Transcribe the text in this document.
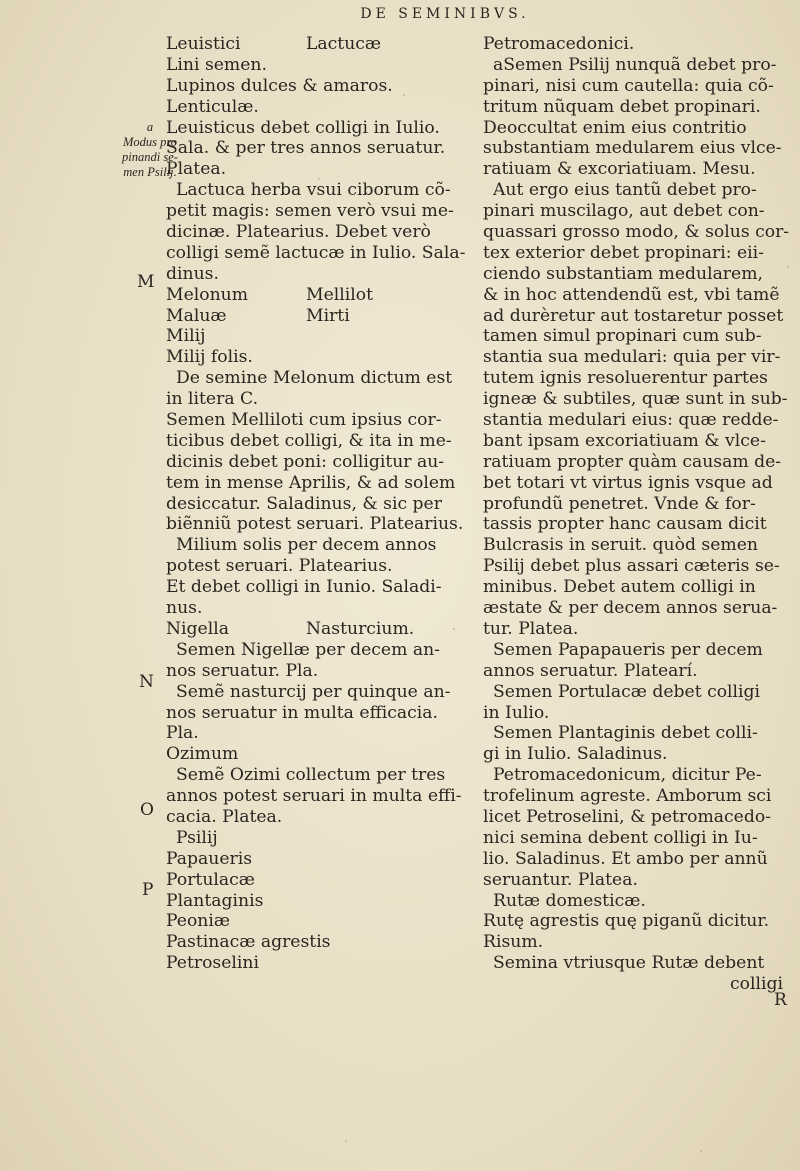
DE SEMINIBVS.
a
Modus pro
pinandi se-
men Psilij.
M
N
O
P
R
Leuistici	Lactucæ
Lini semen.
Lupinos dulces & amaros.
Lenticulæ.
Leuisticus debet colligi in Iulio.
Sala. & per tres annos seruatur.
Platea.
Lactuca herba vsui ciborum cõ-
petit magis: semen verò vsui me-
dicinæ. Platearius. Debet verò
colligi semẽ lactucæ in Iulio. Sala-
dinus.
Melonum	Mellilot
Maluæ	Mirti
Milij
Milij folis.
De semine Melonum dictum est
in litera C.
Semen Melliloti cum ipsius cor-
ticibus debet colligi, & ita in me-
dicinis debet poni: colligitur au-
tem in mense Aprilis, & ad solem
desiccatur. Saladinus, & sic per
biẽnniũ potest seruari. Platearius.
Milium solis per decem annos
potest seruari. Platearius.
Et debet colligi in Iunio. Saladi-
nus.
Nigella	Nasturcium.
Semen Nigellæ per decem an-
nos seruatur. Pla.
Semẽ nasturcij per quinque an-
nos seruatur in multa efficacia.
Pla.
Ozimum
Semẽ Ozimi collectum per tres
annos potest seruari in multa effi-
cacia. Platea.
Psilij
Papaueris
Portulacæ
Plantaginis
Peoniæ
Pastinacæ agrestis
Petroselini
Petromacedonici.
aSemen Psilij nunquã debet pro-
pinari, nisi cum cautella: quia cõ-
tritum nũquam debet propinari.
Deoccultat enim eius contritio
substantiam medularem eius vlce-
ratiuam & excoriatiuam. Mesu.
Aut ergo eius tantũ debet pro-
pinari muscilago, aut debet con-
quassari grosso modo, & solus cor-
tex exterior debet propinari: eii-
ciendo substantiam medularem,
& in hoc attendendũ est, vbi tamẽ
ad durèretur aut tostaretur posset
tamen simul propinari cum sub-
stantia sua medulari: quia per vir-
tutem ignis resoluerentur partes
igneæ & subtiles, quæ sunt in sub-
stantia medulari eius: quæ redde-
bant ipsam excoriatiuam & vlce-
ratiuam propter quàm causam de-
bet totari vt virtus ignis vsque ad
profundũ penetret. Vnde & for-
tassis propter hanc causam dicit
Bulcrasis in seruit. quòd semen
Psilij debet plus assari cæteris se-
minibus. Debet autem colligi in
æstate & per decem annos serua-
tur. Platea.
Semen Papapaueris per decem
annos seruatur. Platearí.
Semen Portulacæ debet colligi
in Iulio.
Semen Plantaginis debet colli-
gi in Iulio. Saladinus.
Petromacedonicum, dicitur Pe-
trofelinum agreste. Amborum sci
licet Petroselini, & petromacedo-
nici semina debent colligi in Iu-
lio. Saladinus. Et ambo per annũ
seruantur. Platea.
Rutæ domesticæ.
Rutę agrestis quę piganũ dicitur.
Risum.
Semina vtriusque Rutæ debent
colligi
